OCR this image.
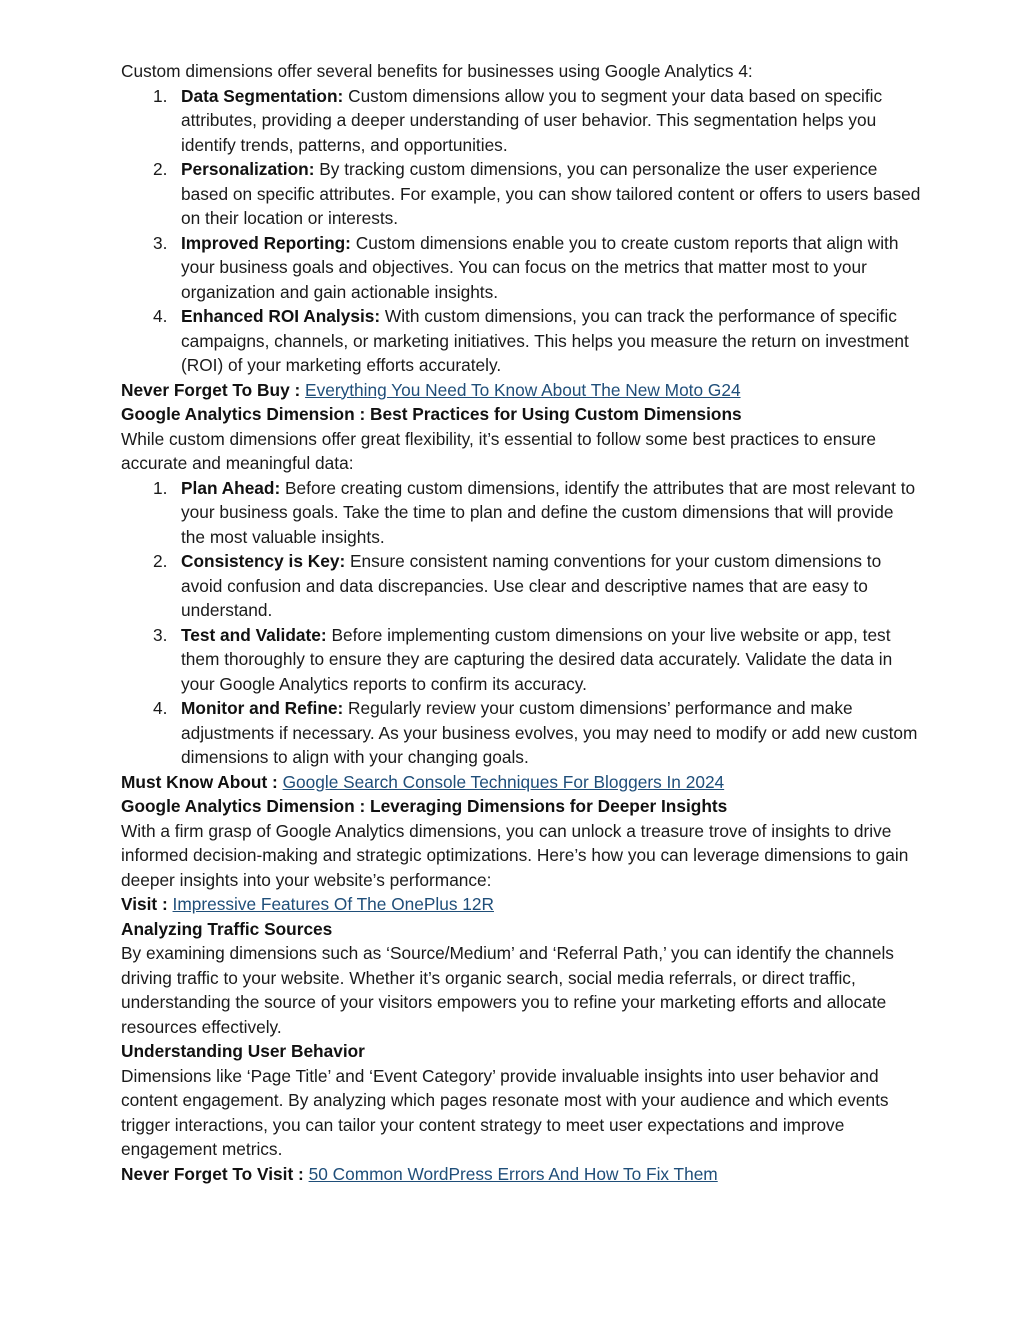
Custom dimensions offer several benefits for businesses using Google Analytics 4:

1. Data Segmentation: Custom dimensions allow you to segment your data based on specific attributes, providing a deeper understanding of user behavior. This segmentation helps you identify trends, patterns, and opportunities.
2. Personalization: By tracking custom dimensions, you can personalize the user experience based on specific attributes. For example, you can show tailored content or offers to users based on their location or interests.
3. Improved Reporting: Custom dimensions enable you to create custom reports that align with your business goals and objectives. You can focus on the metrics that matter most to your organization and gain actionable insights.
4. Enhanced ROI Analysis: With custom dimensions, you can track the performance of specific campaigns, channels, or marketing initiatives. This helps you measure the return on investment (ROI) of your marketing efforts accurately.

Never Forget To Buy : Everything You Need To Know About The New Moto G24

Google Analytics Dimension : Best Practices for Using Custom Dimensions

While custom dimensions offer great flexibility, it’s essential to follow some best practices to ensure accurate and meaningful data:

1. Plan Ahead: Before creating custom dimensions, identify the attributes that are most relevant to your business goals. Take the time to plan and define the custom dimensions that will provide the most valuable insights.
2. Consistency is Key: Ensure consistent naming conventions for your custom dimensions to avoid confusion and data discrepancies. Use clear and descriptive names that are easy to understand.
3. Test and Validate: Before implementing custom dimensions on your live website or app, test them thoroughly to ensure they are capturing the desired data accurately. Validate the data in your Google Analytics reports to confirm its accuracy.
4. Monitor and Refine: Regularly review your custom dimensions’ performance and make adjustments if necessary. As your business evolves, you may need to modify or add new custom dimensions to align with your changing goals.

Must Know About : Google Search Console Techniques For Bloggers In 2024

Google Analytics Dimension : Leveraging Dimensions for Deeper Insights

With a firm grasp of Google Analytics dimensions, you can unlock a treasure trove of insights to drive informed decision-making and strategic optimizations. Here’s how you can leverage dimensions to gain deeper insights into your website’s performance:

Visit : Impressive Features Of The OnePlus 12R

Analyzing Traffic Sources

By examining dimensions such as ‘Source/Medium’ and ‘Referral Path,’ you can identify the channels driving traffic to your website. Whether it’s organic search, social media referrals, or direct traffic, understanding the source of your visitors empowers you to refine your marketing efforts and allocate resources effectively.

Understanding User Behavior

Dimensions like ‘Page Title’ and ‘Event Category’ provide invaluable insights into user behavior and content engagement. By analyzing which pages resonate most with your audience and which events trigger interactions, you can tailor your content strategy to meet user expectations and improve engagement metrics.

Never Forget To Visit : 50 Common WordPress Errors And How To Fix Them
